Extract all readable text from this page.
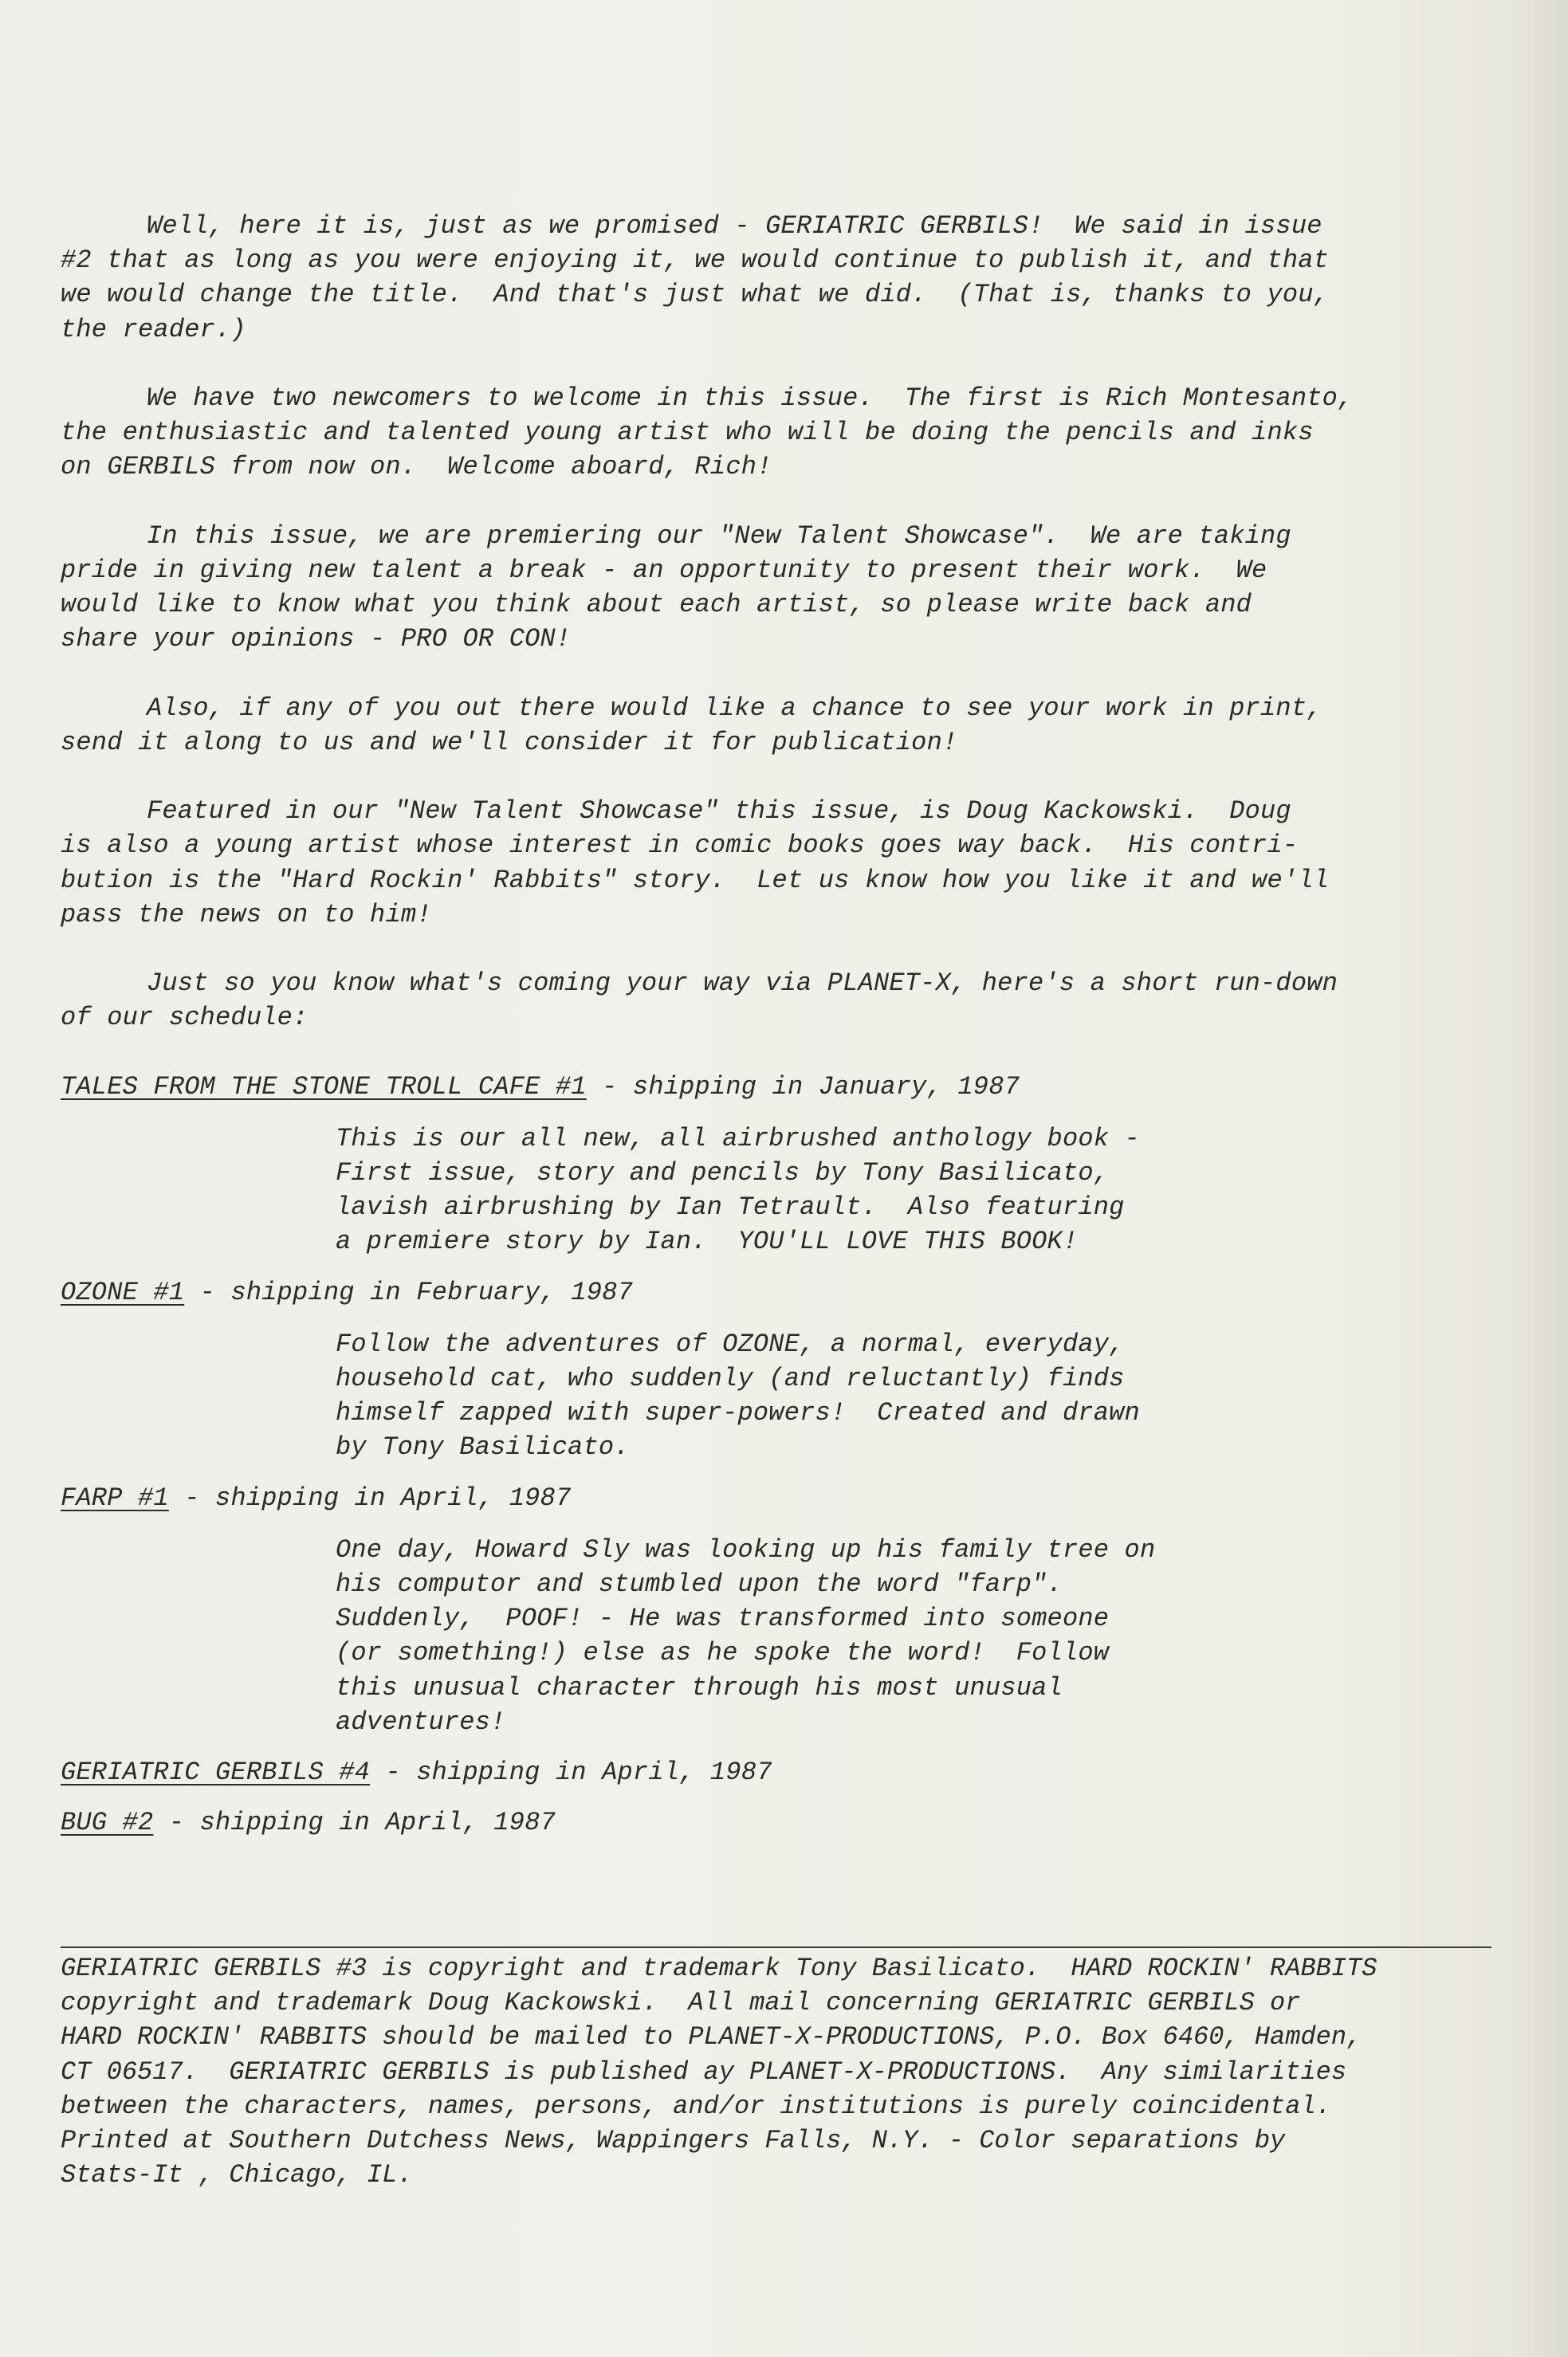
Well, here it is, just as we promised - GERIATRIC GERBILS!  We said in issue
#2 that as long as you were enjoying it, we would continue to publish it, and that
we would change the title.  And that's just what we did.  (That is, thanks to you,
the reader.)
We have two newcomers to welcome in this issue.  The first is Rich Montesanto,
the enthusiastic and talented young artist who will be doing the pencils and inks
on GERBILS from now on.  Welcome aboard, Rich!
In this issue, we are premiering our "New Talent Showcase".  We are taking
pride in giving new talent a break - an opportunity to present their work.  We
would like to know what you think about each artist, so please write back and
share your opinions - PRO OR CON!
Also, if any of you out there would like a chance to see your work in print,
send it along to us and we'll consider it for publication!
Featured in our "New Talent Showcase" this issue, is Doug Kackowski.  Doug
is also a young artist whose interest in comic books goes way back.  His contri-
bution is the "Hard Rockin' Rabbits" story.  Let us know how you like it and we'll
pass the news on to him!
Just so you know what's coming your way via PLANET-X, here's a short run-down
of our schedule:
TALES FROM THE STONE TROLL CAFE #1 - shipping in January, 1987
This is our all new, all airbrushed anthology book -
First issue, story and pencils by Tony Basilicato,
lavish airbrushing by Ian Tetrault.  Also featuring
a premiere story by Ian.  YOU'LL LOVE THIS BOOK!
OZONE #1 - shipping in February, 1987
Follow the adventures of OZONE, a normal, everyday,
household cat, who suddenly (and reluctantly) finds
himself zapped with super-powers!  Created and drawn
by Tony Basilicato.
FARP #1 - shipping in April, 1987
One day, Howard Sly was looking up his family tree on
his computor and stumbled upon the word "farp".
Suddenly,  POOF! - He was transformed into someone
(or something!) else as he spoke the word!  Follow
this unusual character through his most unusual
adventures!
GERIATRIC GERBILS #4 - shipping in April, 1987
BUG #2 - shipping in April, 1987
GERIATRIC GERBILS #3 is copyright and trademark Tony Basilicato.  HARD ROCKIN' RABBITS
copyright and trademark Doug Kackowski.  All mail concerning GERIATRIC GERBILS or
HARD ROCKIN' RABBITS should be mailed to PLANET-X-PRODUCTIONS, P.O. Box 6460, Hamden,
CT 06517.  GERIATRIC GERBILS is published ay PLANET-X-PRODUCTIONS.  Any similarities
between the characters, names, persons, and/or institutions is purely coincidental.
Printed at Southern Dutchess News, Wappingers Falls, N.Y. - Color separations by
Stats-It , Chicago, IL.
